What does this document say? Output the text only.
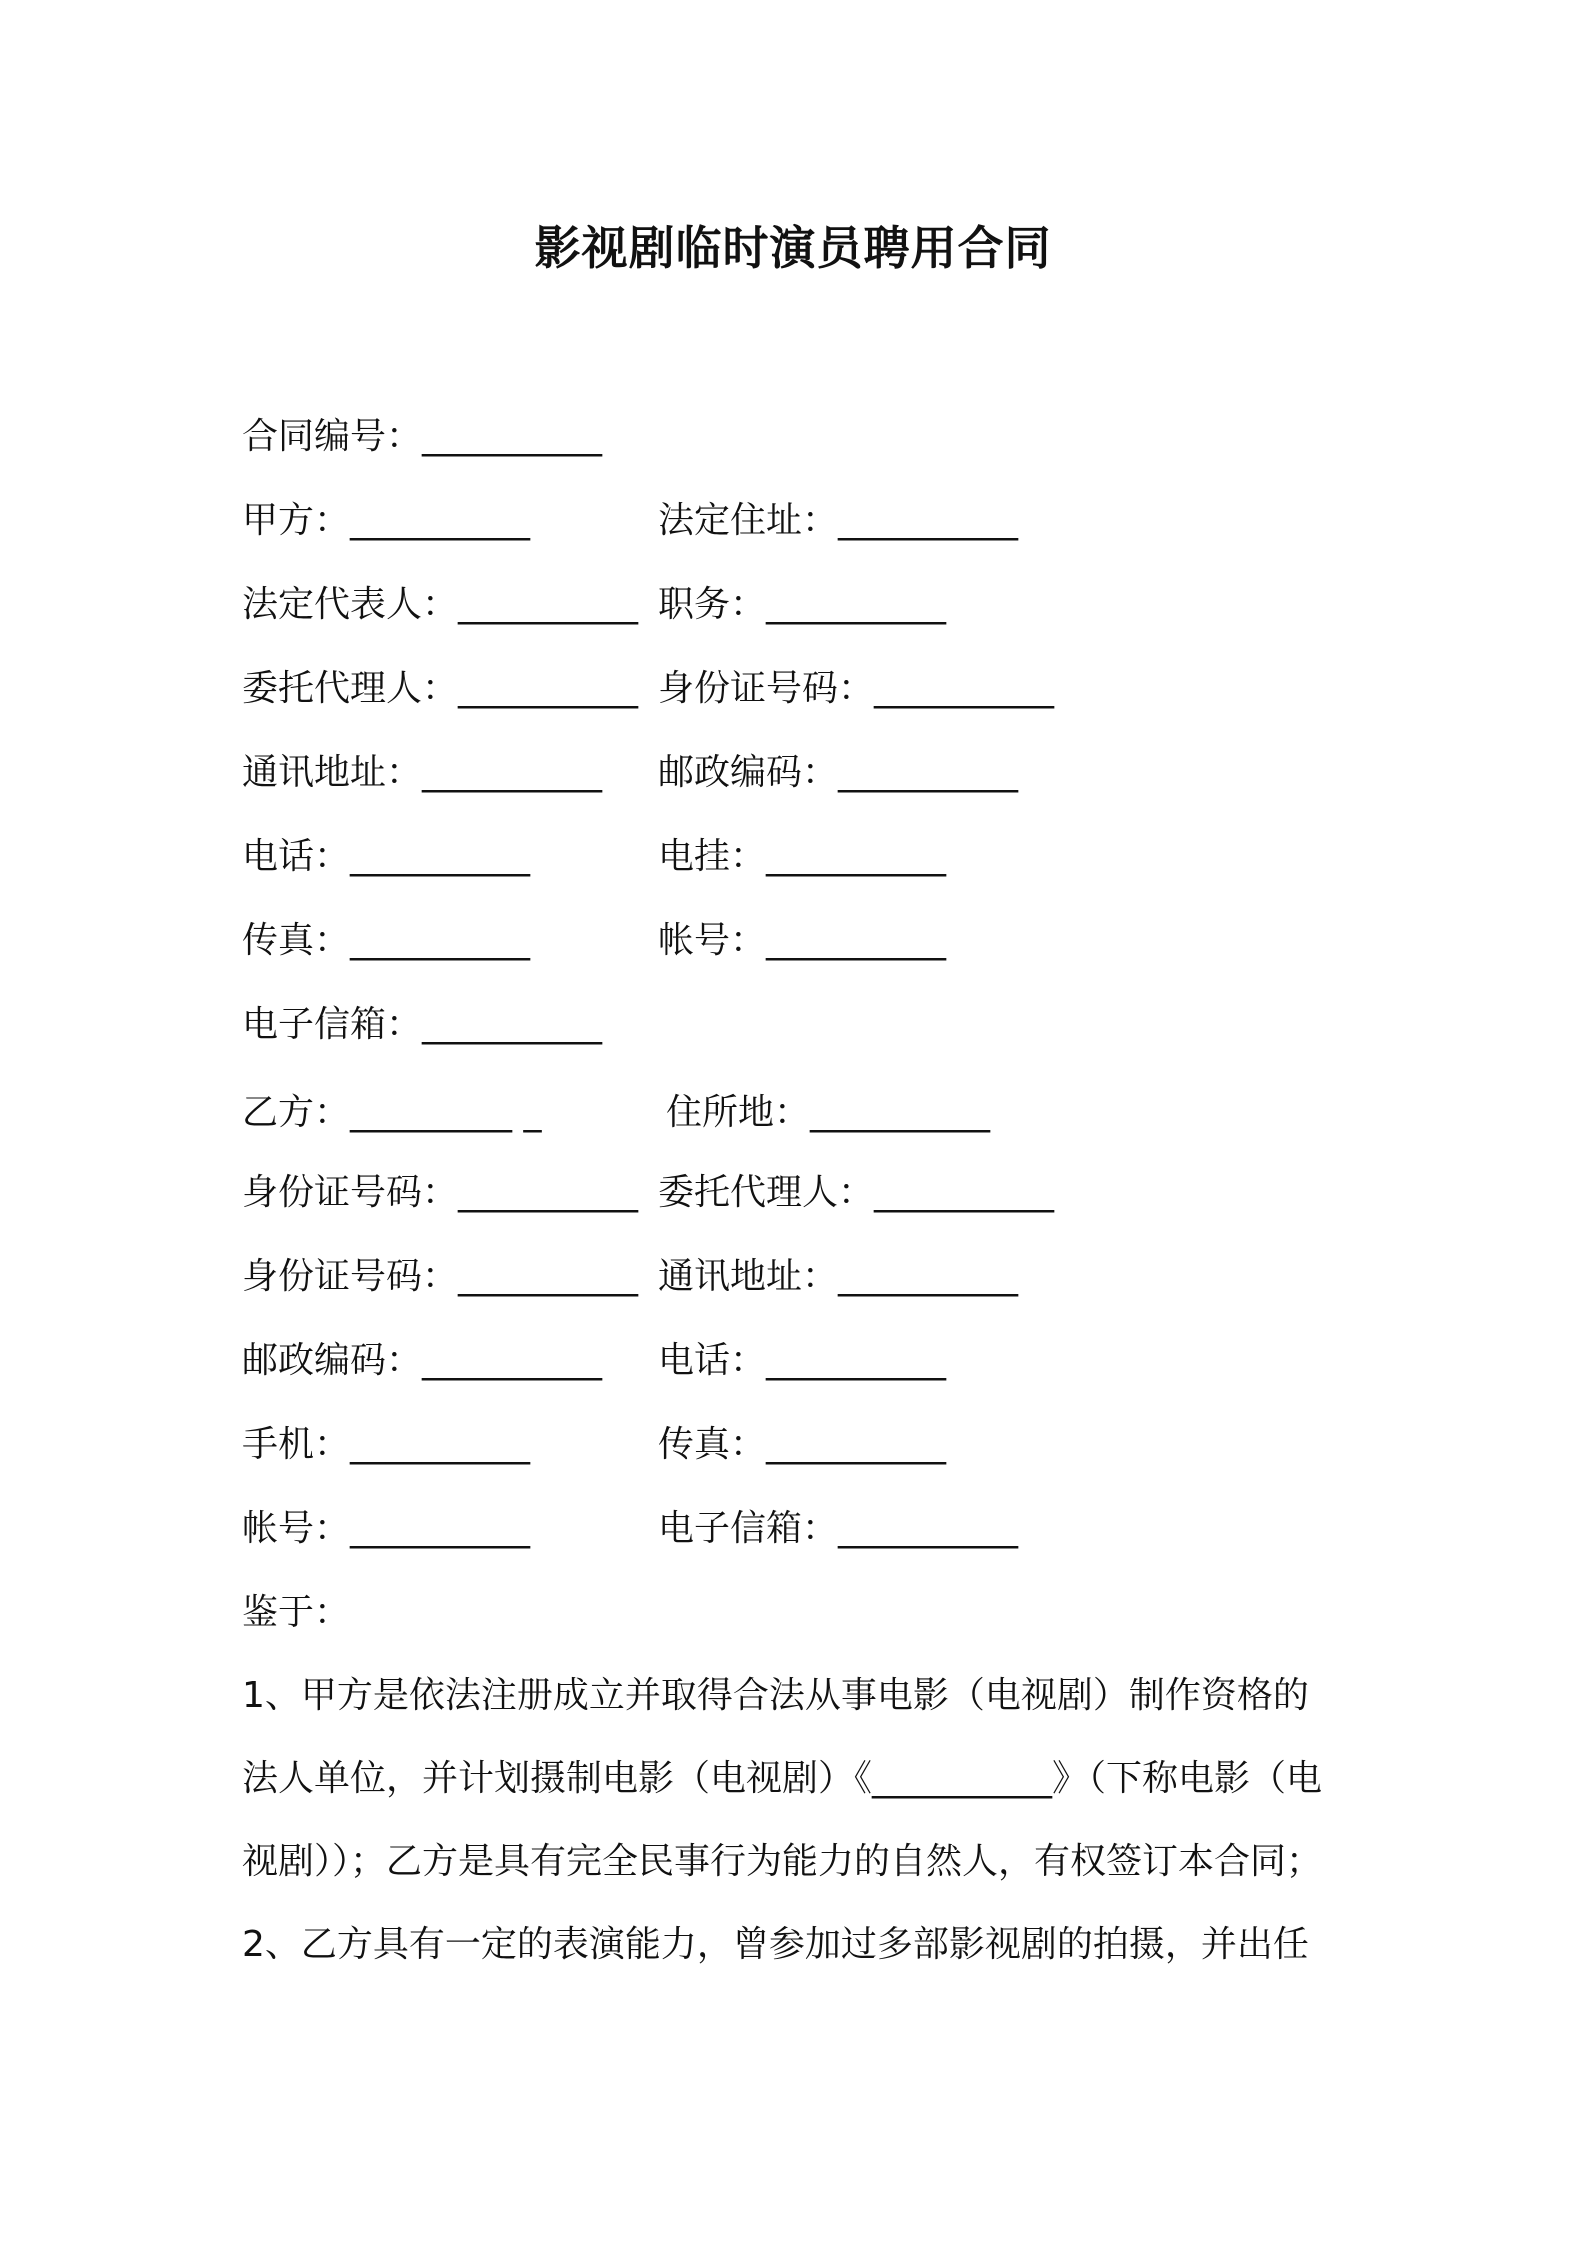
影视剧临时演员聘用合同
合同编号：__________
甲方：__________	法定住址：__________
法定代表人：__________ 职务：__________
委托代理人：__________ 身份证号码：__________
通讯地址：__________ 邮政编码：__________
电话：__________	电挂：__________
传真：__________	帐号：__________
电子信箱：__________
乙方：_________ _	住所地：__________
身份证号码：__________ 委托代理人：__________
身份证号码：__________ 通讯地址：__________
邮政编码：__________ 电话：__________
手机：__________	传真：__________
帐号：__________	电子信箱：__________
鉴于：
1、甲方是依法注册成立并取得合法从事电影（电视剧）制作资格的
法人单位，并计划摄制电影（电视剧）《__________》（下称电影（电
视剧））；乙方是具有完全民事行为能力的自然人，有权签订本合同；
2、乙方具有一定的表演能力，曾参加过多部影视剧的拍摄，并出任
